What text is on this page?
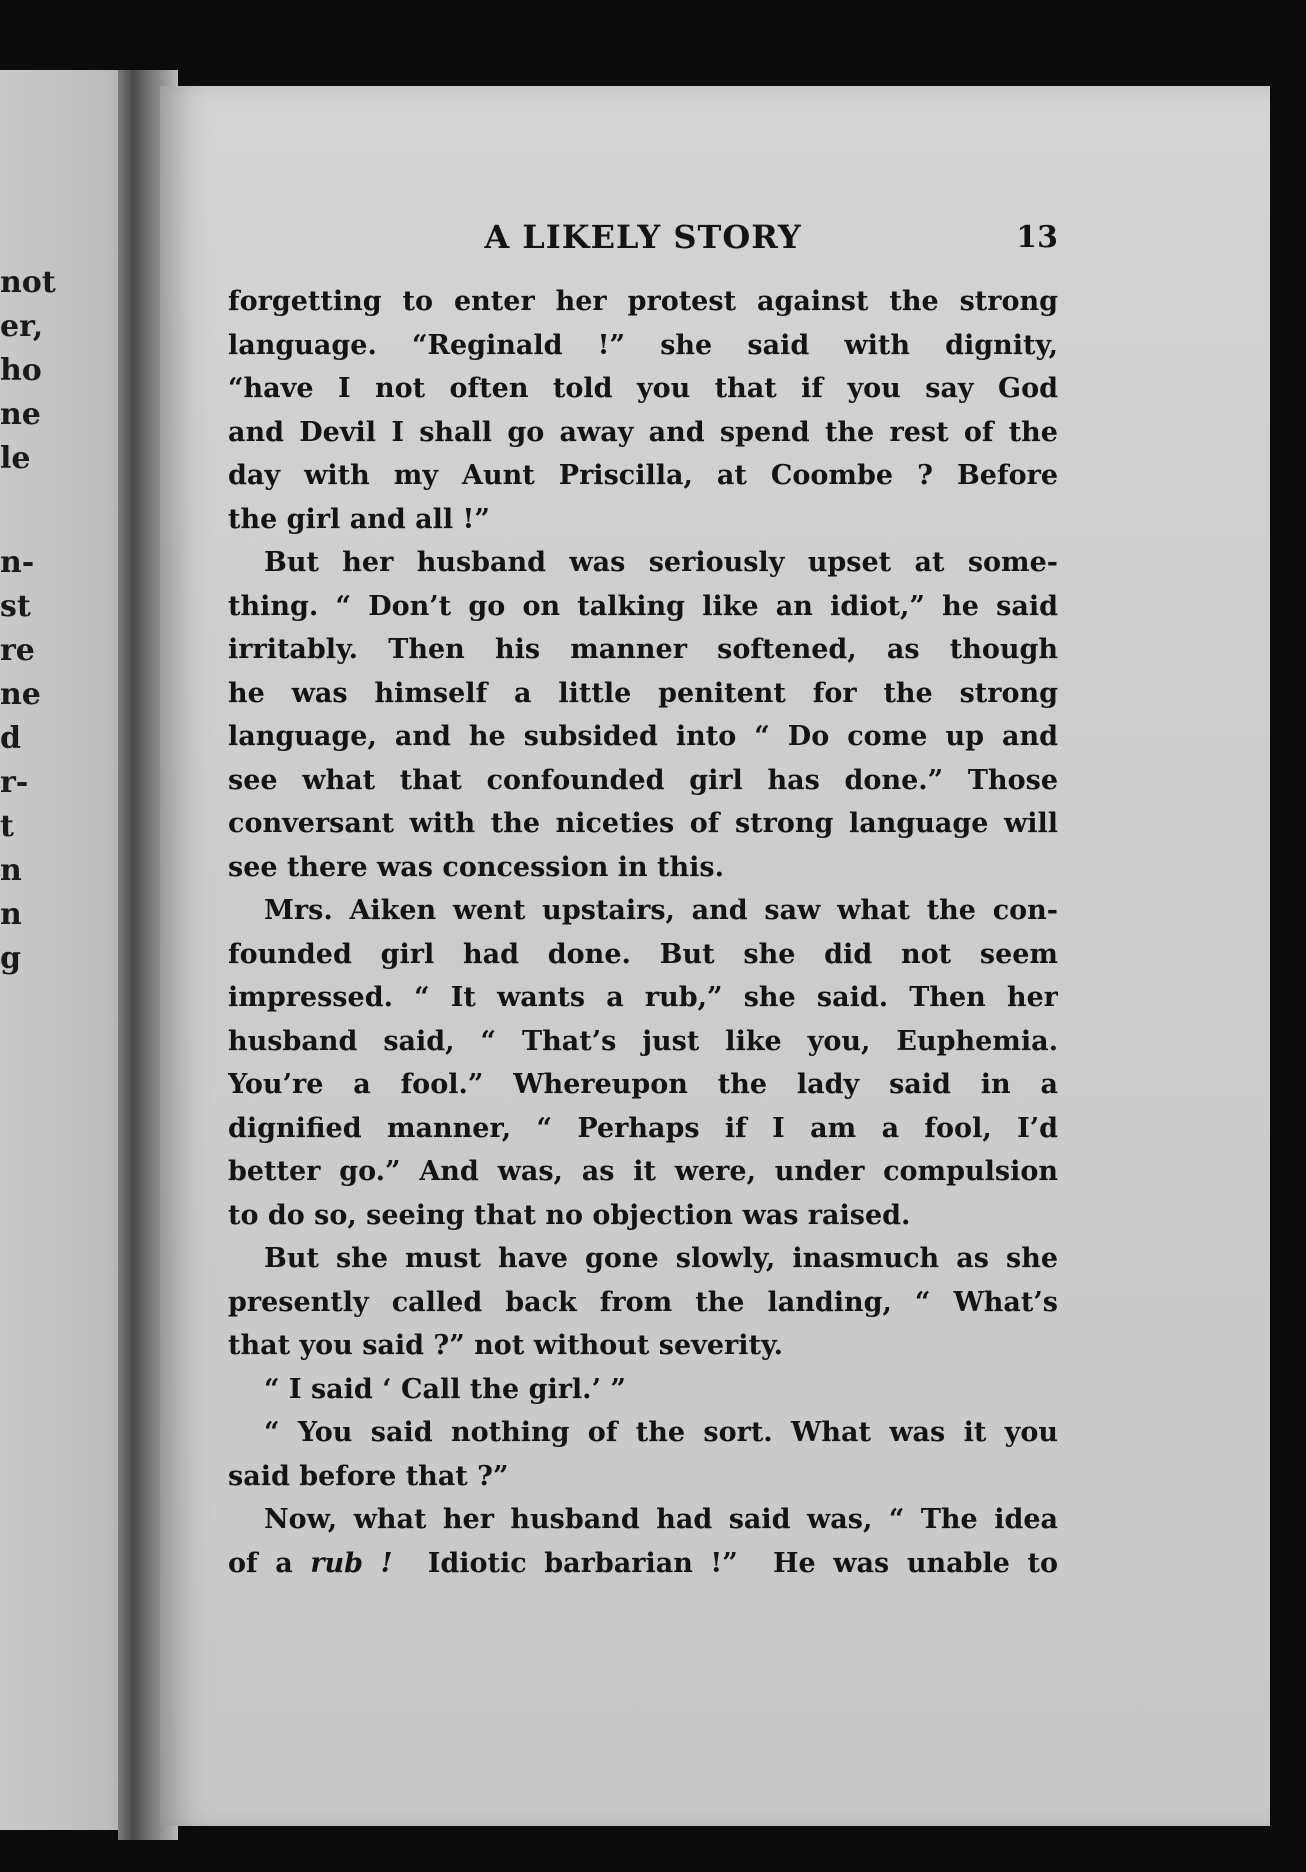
not
er,
ho
ne
le
n-
st
re
ne
d
r-
t
n
n
g
A LIKELY STORY	13
forgetting to enter her protest against the strong
language. “Reginald !” she said with dignity,
“have I not often told you that if you say God
and Devil I shall go away and spend the rest of the
day with my Aunt Priscilla, at Coombe ? Before
the girl and all !”
But her husband was seriously upset at some-
thing. “ Don’t go on talking like an idiot,” he said
irritably. Then his manner softened, as though
he was himself a little penitent for the strong
language, and he subsided into “ Do come up and
see what that confounded girl has done.” Those
conversant with the niceties of strong language will
see there was concession in this.
Mrs. Aiken went upstairs, and saw what the con-
founded girl had done. But she did not seem
impressed. “ It wants a rub,” she said. Then her
husband said, “ That’s just like you, Euphemia.
You’re a fool.” Whereupon the lady said in a
dignified manner, “ Perhaps if I am a fool, I’d
better go.” And was, as it were, under compulsion
to do so, seeing that no objection was raised.
But she must have gone slowly, inasmuch as she
presently called back from the landing, “ What’s
that you said ?” not without severity.
“ I said ‘ Call the girl.’ ”
“ You said nothing of the sort. What was it you
said before that ?”
Now, what her husband had said was, “ The idea
of a rub !  Idiotic barbarian !”  He was unable to
